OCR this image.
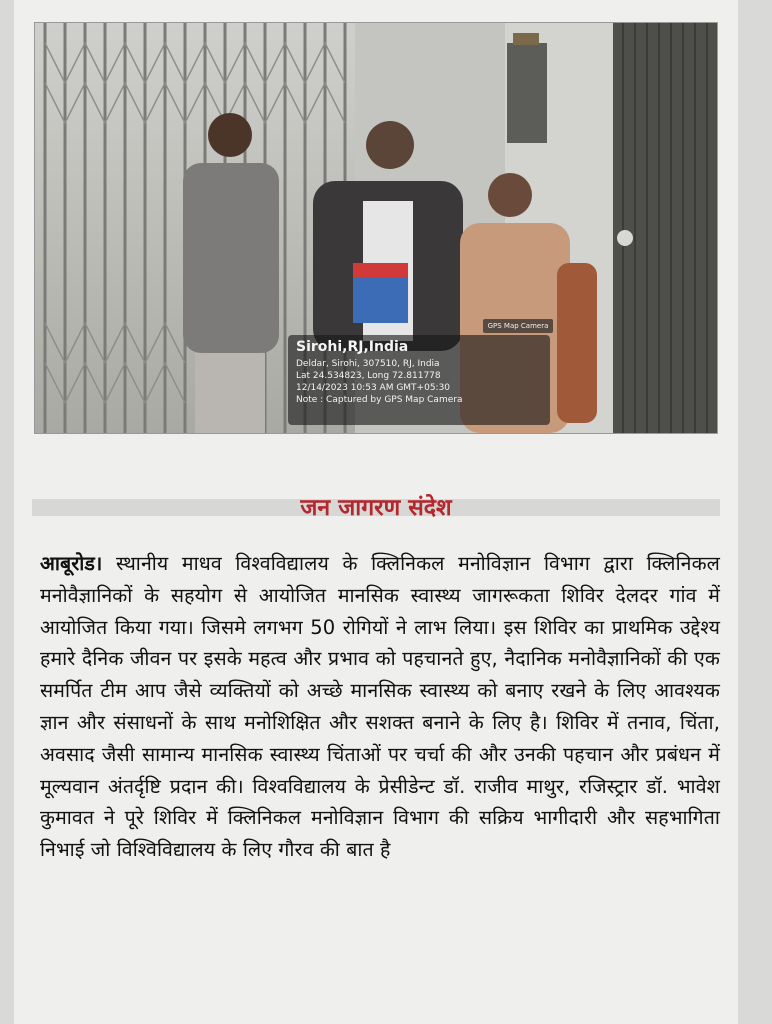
GPS Map Camera
Sirohi,RJ,India
Deldar, Sirohi, 307510, RJ, India
Lat 24.534823, Long 72.811778
12/14/2023 10:53 AM GMT+05:30
Note : Captured by GPS Map Camera
जन जागरण संदेश
आबूरोड। स्थानीय माधव विश्वविद्यालय के क्लिनिकल मनोविज्ञान विभाग द्वारा क्लिनिकल मनोवैज्ञानिकों के सहयोग से आयोजित मानसिक स्वास्थ्य जागरूकता शिविर देलदर गांव में आयोजित किया गया। जिसमे लगभग 50 रोगियों ने लाभ लिया। इस शिविर का प्राथमिक उद्देश्य हमारे दैनिक जीवन पर इसके महत्व और प्रभाव को पहचानते हुए, नैदानिक मनोवैज्ञानिकों की एक समर्पित टीम आप जैसे व्यक्तियों को अच्छे मानसिक स्वास्थ्य को बनाए रखने के लिए आवश्यक ज्ञान और संसाधनों के साथ मनोशिक्षित और सशक्त बनाने के लिए है। शिविर में तनाव, चिंता, अवसाद जैसी सामान्य मानसिक स्वास्थ्य चिंताओं पर चर्चा की और उनकी पहचान और प्रबंधन में मूल्यवान अंतर्दृष्टि प्रदान की। विश्वविद्यालय के प्रेसीडेन्ट डॉ. राजीव माथुर, रजिस्ट्रार डॉ. भावेश कुमावत ने पूरे शिविर में क्लिनिकल मनोविज्ञान विभाग की सक्रिय भागीदारी और सहभागिता निभाई जो विश्विविद्यालय के लिए गौरव की बात है
